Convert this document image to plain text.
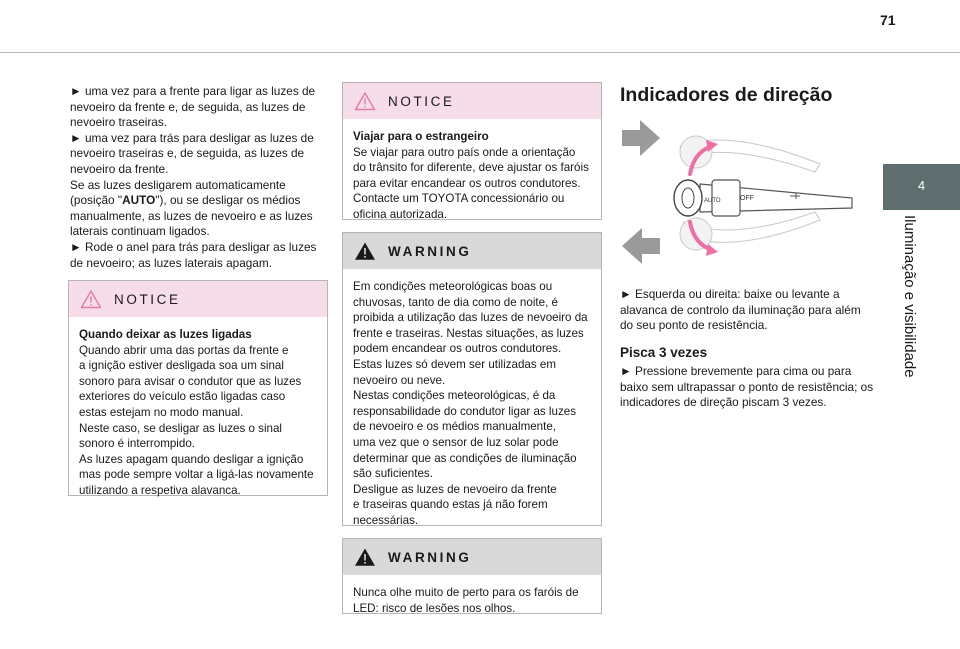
71
4
Iluminação e visibilidade
► uma vez para a frente para ligar as luzes de
nevoeiro da frente e, de seguida, as luzes de
nevoeiro traseiras.
► uma vez para trás para desligar as luzes de
nevoeiro traseiras e, de seguida, as luzes de
nevoeiro da frente.
Se as luzes desligarem automaticamente
(posição "AUTO"), ou se desligar os médios
manualmente, as luzes de nevoeiro e as luzes
laterais continuam ligados.
► Rode o anel para trás para desligar as luzes
de nevoeiro; as luzes laterais apagam.
NOTICE
Quando deixar as luzes ligadas
Quando abrir uma das portas da frente e
a ignição estiver desligada soa um sinal
sonoro para avisar o condutor que as luzes
exteriores do veículo estão ligadas caso
estas estejam no modo manual.
Neste caso, se desligar as luzes o sinal
sonoro é interrompido.
As luzes apagam quando desligar a ignição
mas pode sempre voltar a ligá-las novamente
utilizando a respetiva alavanca.
NOTICE
Viajar para o estrangeiro
Se viajar para outro país onde a orientação
do trânsito for diferente, deve ajustar os faróis
para evitar encandear os outros condutores.
Contacte um TOYOTA concessionário ou
oficina autorizada.
WARNING
Em condições meteorológicas boas ou
chuvosas, tanto de dia como de noite, é
proibida a utilização das luzes de nevoeiro da
frente e traseiras. Nestas situações, as luzes
podem encandear os outros condutores.
Estas luzes só devem ser utilizadas em
nevoeiro ou neve.
Nestas condições meteorológicas, é da
responsabilidade do condutor ligar as luzes
de nevoeiro e os médios manualmente,
uma vez que o sensor de luz solar pode
determinar que as condições de iluminação
são suficientes.
Desligue as luzes de nevoeiro da frente
e traseiras quando estas já não forem
necessárias.
WARNING
Nunca olhe muito de perto para os faróis de
LED: risco de lesões nos olhos.
Indicadores de direção
AUTO	OFF
► Esquerda ou direita: baixe ou levante a
alavanca de controlo da iluminação para além
do seu ponto de resistência.
Pisca 3 vezes
► Pressione brevemente para cima ou para
baixo sem ultrapassar o ponto de resistência; os
indicadores de direção piscam 3 vezes.
